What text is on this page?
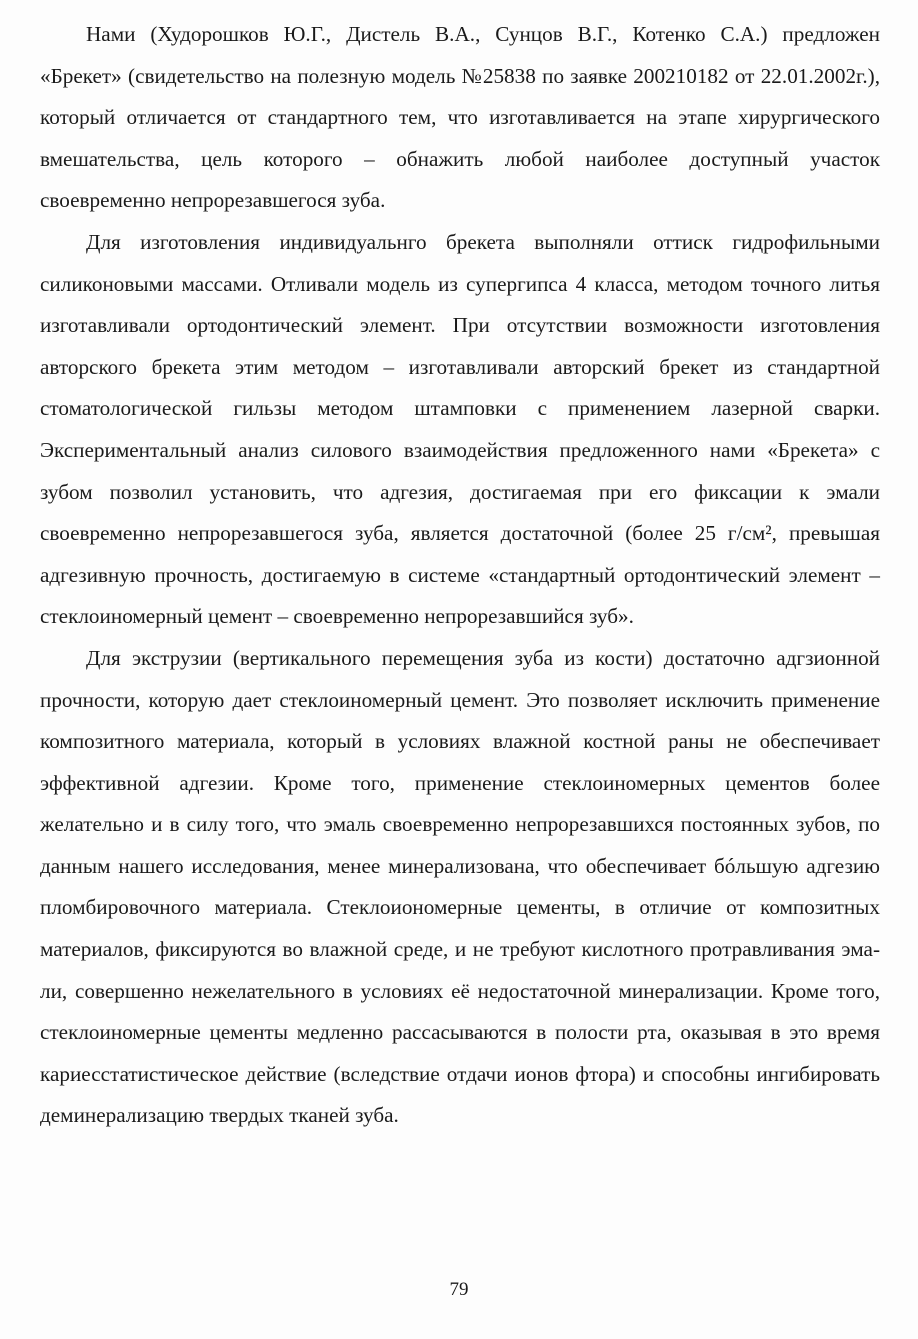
Нами (Худорошков Ю.Г., Дистель В.А., Сунцов В.Г., Котенко С.А.) предложен «Брекет» (свидетельство на полезную модель №25838 по заявке 200210182 от 22.01.2002г.), который отличается от стандартного тем, что изготавливается на этапе хирургического вмешательства, цель которого – обнажить любой наиболее доступный участок своевременно непрорезавшегося зуба.

Для изготовления индивидуальнго брекета выполняли оттиск гидрофильными силиконовыми массами. Отливали модель из супергипса 4 класса, методом точного литья изготавливали ортодонтический элемент. При отсутствии возможности изготовления авторского брекета этим методом – изготавливали авторский брекет из стандартной стоматологической гильзы методом штамповки с применением лазерной сварки. Экспериментальный анализ силового взаимодействия предложенного нами «Брекета» с зубом позволил установить, что адгезия, достигаемая при его фиксации к эмали своевременно непрорезавшегося зуба, является достаточной (более 25 г/см², превышая адгезивную прочность, достигаемую в системе «стандартный ортодонтический элемент – стеклоиномерный цемент – своевременно непрорезавшийся зуб».

Для экструзии (вертикального перемещения зуба из кости) достаточно адгзионной прочности, которую дает стеклоиномерный цемент. Это позволяет исключить применение композитного материала, который в условиях влажной костной раны не обеспечивает эффективной адгезии. Кроме того, применение стеклоиномерных цементов более желательно и в силу того, что эмаль своевременно непрорезавшихся постоянных зубов, по данным нашего исследования, менее минерализована, что обеспечивает бóльшую адгезию пломбировочного материала. Стеклоиономерные цементы, в отличие от композитных материалов, фиксируются во влажной среде, и не требуют кислотного протравливания эмали, совершенно нежелательного в условиях её недостаточной минерализации. Кроме того, стеклоиномерные цементы медленно рассасываются в полости рта, оказывая в это время кариесстатистическое действие (вследствие отдачи ионов фтора) и способны ингибировать деминерализацию твердых тканей зуба.

79
